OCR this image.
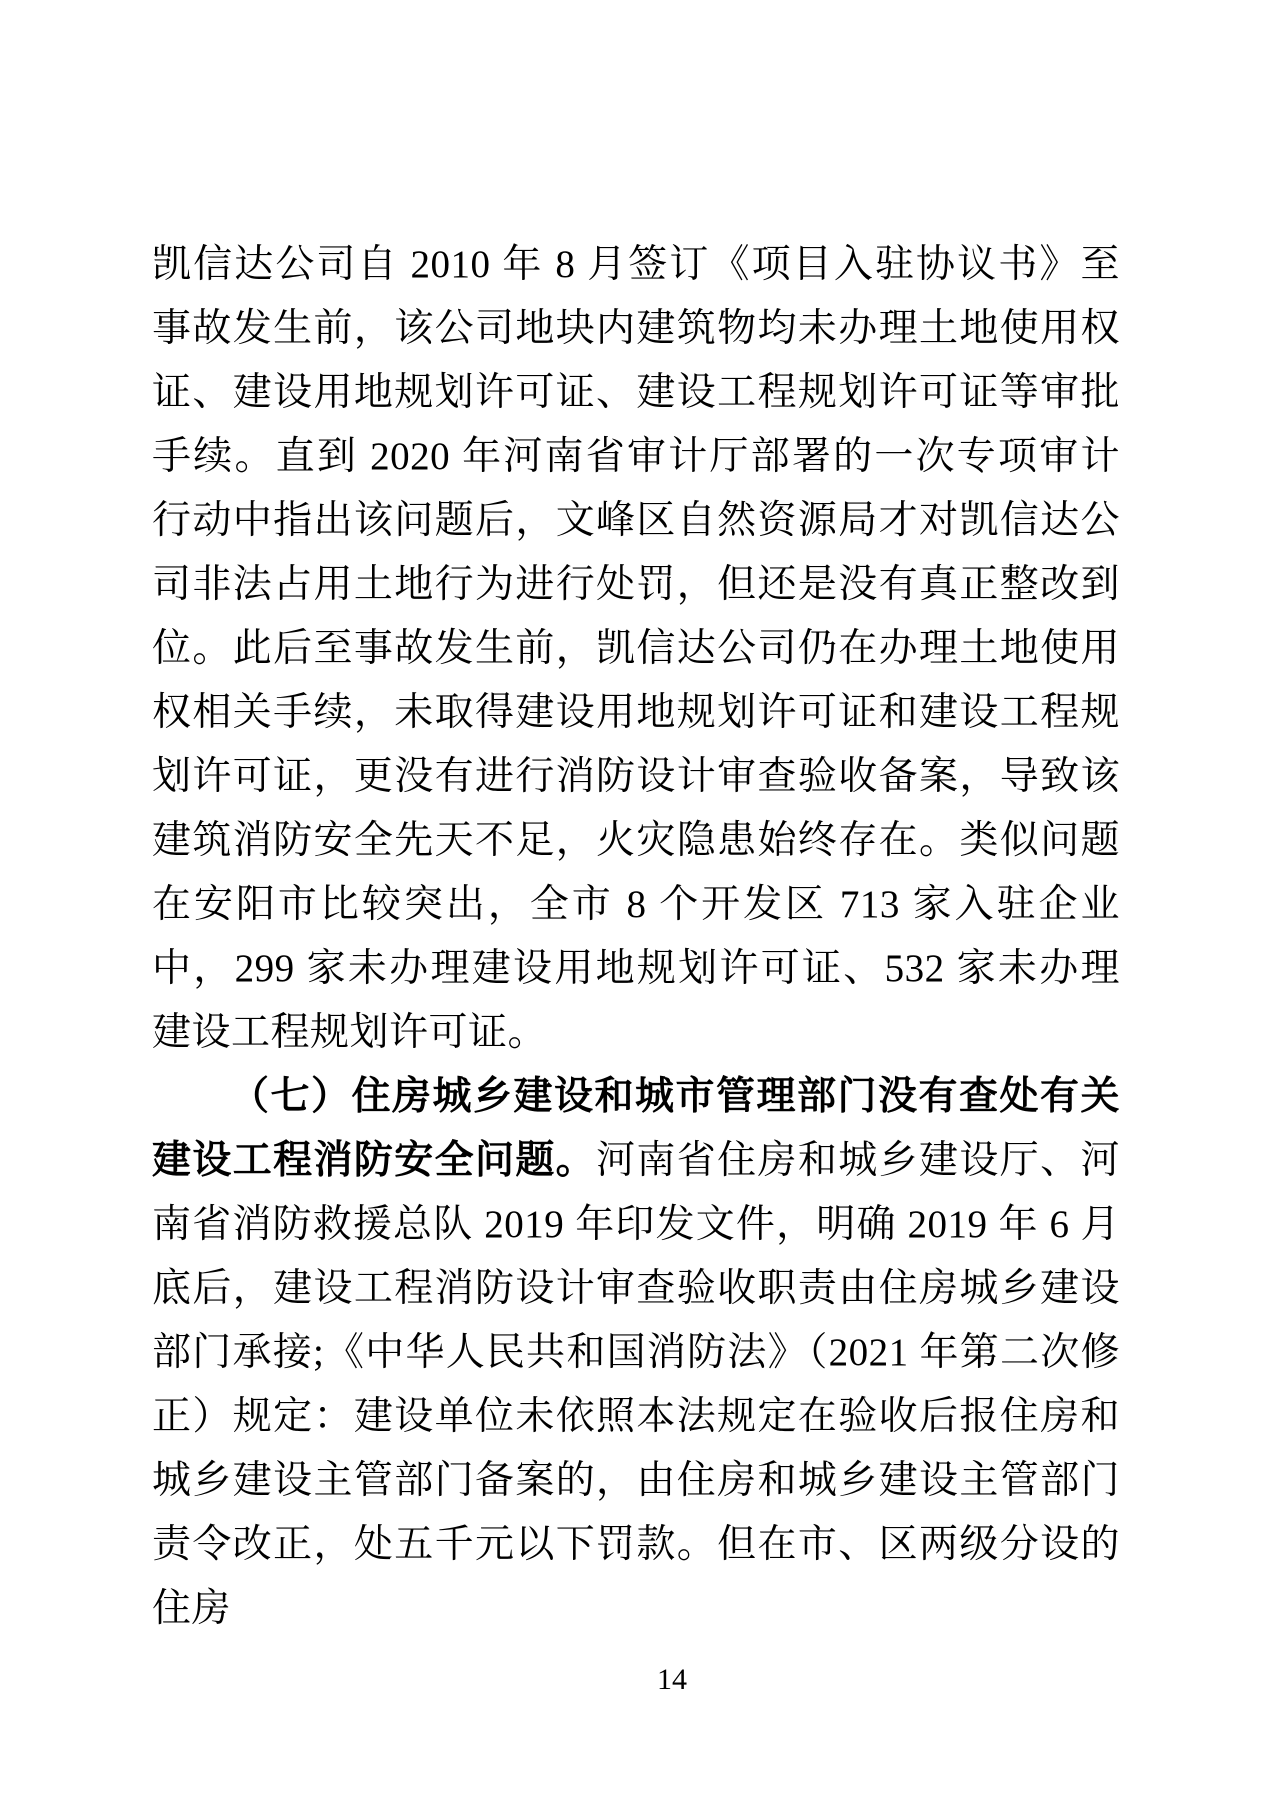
凯信达公司自 2010 年 8 月签订《项目入驻协议书》至事故发生前，该公司地块内建筑物均未办理土地使用权证、建设用地规划许可证、建设工程规划许可证等审批手续。直到 2020 年河南省审计厅部署的一次专项审计行动中指出该问题后，文峰区自然资源局才对凯信达公司非法占用土地行为进行处罚，但还是没有真正整改到位。此后至事故发生前，凯信达公司仍在办理土地使用权相关手续，未取得建设用地规划许可证和建设工程规划许可证，更没有进行消防设计审查验收备案，导致该建筑消防安全先天不足，火灾隐患始终存在。类似问题在安阳市比较突出，全市 8 个开发区 713 家入驻企业中，299 家未办理建设用地规划许可证、532 家未办理建设工程规划许可证。

（七）住房城乡建设和城市管理部门没有查处有关建设工程消防安全问题。河南省住房和城乡建设厅、河南省消防救援总队 2019 年印发文件，明确 2019 年 6 月底后，建设工程消防设计审查验收职责由住房城乡建设部门承接;《中华人民共和国消防法》（2021 年第二次修正）规定：建设单位未依照本法规定在验收后报住房和城乡建设主管部门备案的，由住房和城乡建设主管部门责令改正，处五千元以下罚款。但在市、区两级分设的住房

14
